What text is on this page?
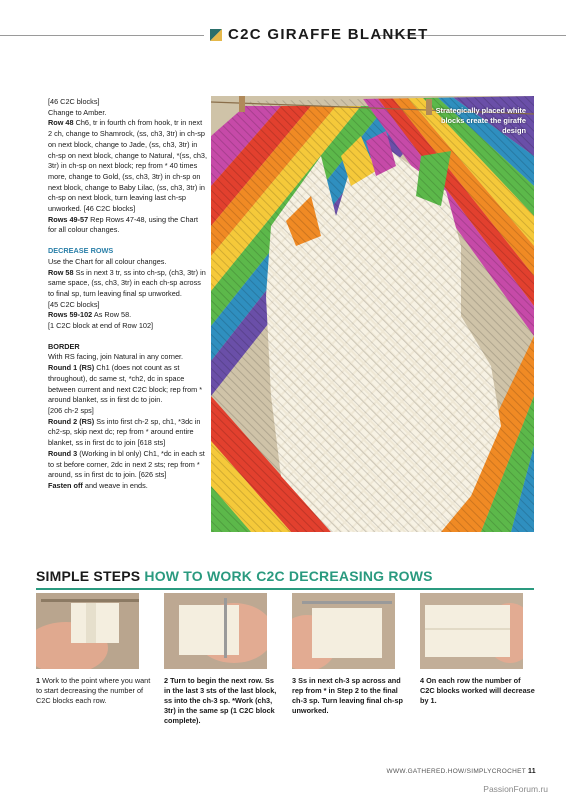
C2C GIRAFFE BLANKET

[46 C2C blocks]

Change to Amber.

Row 48 Ch6, tr in fourth ch from hook, tr in next 2 ch, change to Shamrock, (ss, ch3, 3tr) in ch-sp on next block, change to Jade, (ss, ch3, 3tr) in ch-sp on next block, change to Natural, *(ss, ch3, 3tr) in ch-sp on next block; rep from * 40 times more, change to Gold, (ss, ch3, 3tr) in ch-sp on next block, change to Baby Lilac, (ss, ch3, 3tr) in ch-sp on next block, turn leaving last ch-sp unworked. [46 C2C blocks]

Rows 49-57 Rep Rows 47-48, using the Chart for all colour changes.

DECREASE ROWS

Use the Chart for all colour changes.

Row 58 Ss in next 3 tr, ss into ch-sp, (ch3, 3tr) in same space, (ss, ch3, 3tr) in each ch-sp across to final sp, turn leaving final sp unworked.

[45 C2C blocks]

Rows 59-102 As Row 58.

[1 C2C block at end of Row 102]

BORDER

With RS facing, join Natural in any corner.

Round 1 (RS) Ch1 (does not count as st throughout), dc same st, *ch2, dc in space between current and next C2C block; rep from * around blanket, ss in first dc to join.

[206 ch-2 sps]

Round 2 (RS) Ss into first ch-2 sp, ch1, *3dc in ch2-sp, skip next dc; rep from * around entire blanket, ss in first dc to join [618 sts]

Round 3 (Working in bl only) Ch1, *dc in each st to st before corner, 2dc in next 2 sts; rep from * around, ss in first dc to join. [626 sts]

Fasten off and weave in ends.

Strategically placed white blocks create the giraffe design
SIMPLE STEPS HOW TO WORK C2C DECREASING ROWS
1 Work to the point where you want to start decreasing the number of C2C blocks each row.
2 Turn to begin the next row. Ss in the last 3 sts of the last block, ss into the ch-3 sp. *Work (ch3, 3tr) in the same sp (1 C2C block complete).
3 Ss in next ch-3 sp across and rep from * in Step 2 to the final ch-3 sp. Turn leaving final ch-sp unworked.
4 On each row the number of C2C blocks worked will decrease by 1.
WWW.GATHERED.HOW/SIMPLYCROCHET 11
PassionForum.ru
